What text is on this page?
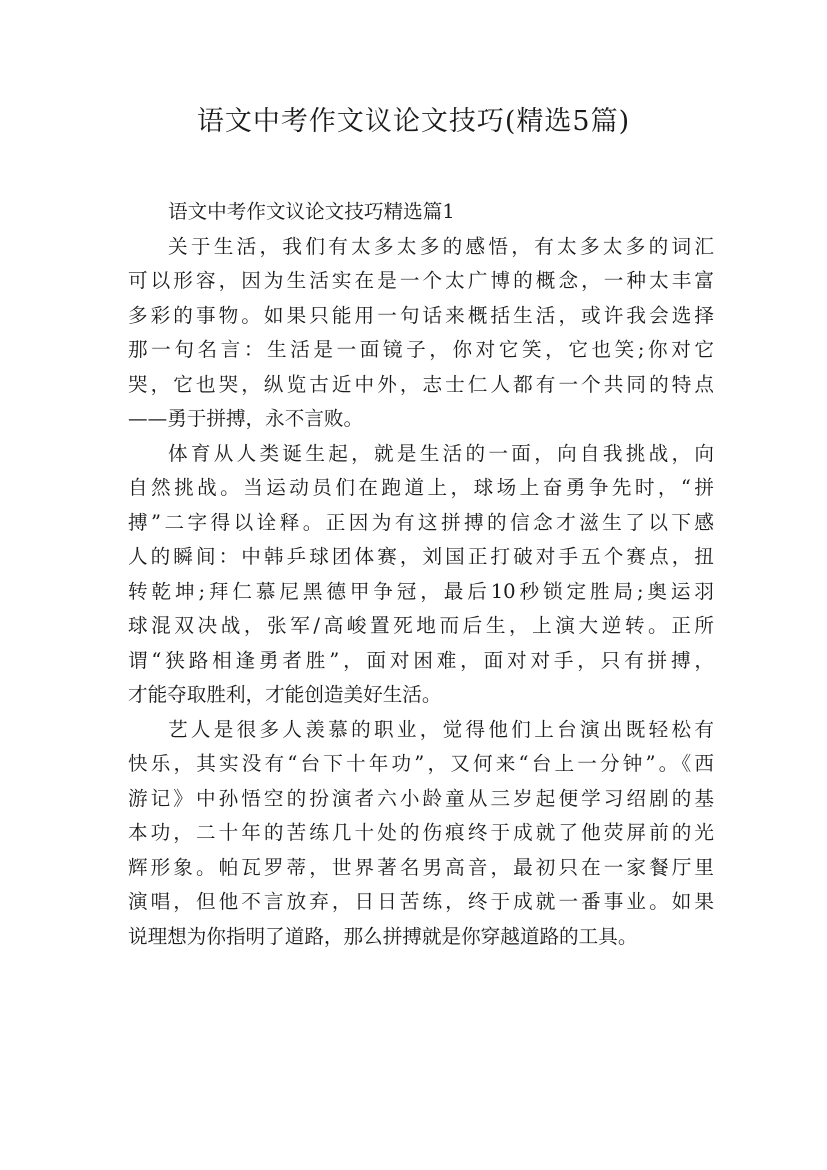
语文中考作文议论文技巧(精选5篇)
语文中考作文议论文技巧精选篇1
关于生活，我们有太多太多的感悟，有太多太多的词汇
可以形容，因为生活实在是一个太广博的概念，一种太丰富
多彩的事物。如果只能用一句话来概括生活，或许我会选择
那一句名言：生活是一面镜子，你对它笑，它也笑;你对它
哭，它也哭，纵览古近中外，志士仁人都有一个共同的特点
——勇于拼搏，永不言败。
体育从人类诞生起，就是生活的一面，向自我挑战，向
自然挑战。当运动员们在跑道上，球场上奋勇争先时，“拼
搏”二字得以诠释。正因为有这拼搏的信念才滋生了以下感
人的瞬间：中韩乒球团体赛，刘国正打破对手五个赛点，扭
转乾坤;拜仁慕尼黑德甲争冠，最后10秒锁定胜局;奥运羽
球混双决战，张军/高峻置死地而后生，上演大逆转。正所
谓“狭路相逢勇者胜”，面对困难，面对对手，只有拼搏，
才能夺取胜利，才能创造美好生活。
艺人是很多人羡慕的职业，觉得他们上台演出既轻松有
快乐，其实没有“台下十年功”，又何来“台上一分钟”。《西
游记》中孙悟空的扮演者六小龄童从三岁起便学习绍剧的基
本功，二十年的苦练几十处的伤痕终于成就了他荧屏前的光
辉形象。帕瓦罗蒂，世界著名男高音，最初只在一家餐厅里
演唱，但他不言放弃，日日苦练，终于成就一番事业。如果
说理想为你指明了道路，那么拼搏就是你穿越道路的工具。
